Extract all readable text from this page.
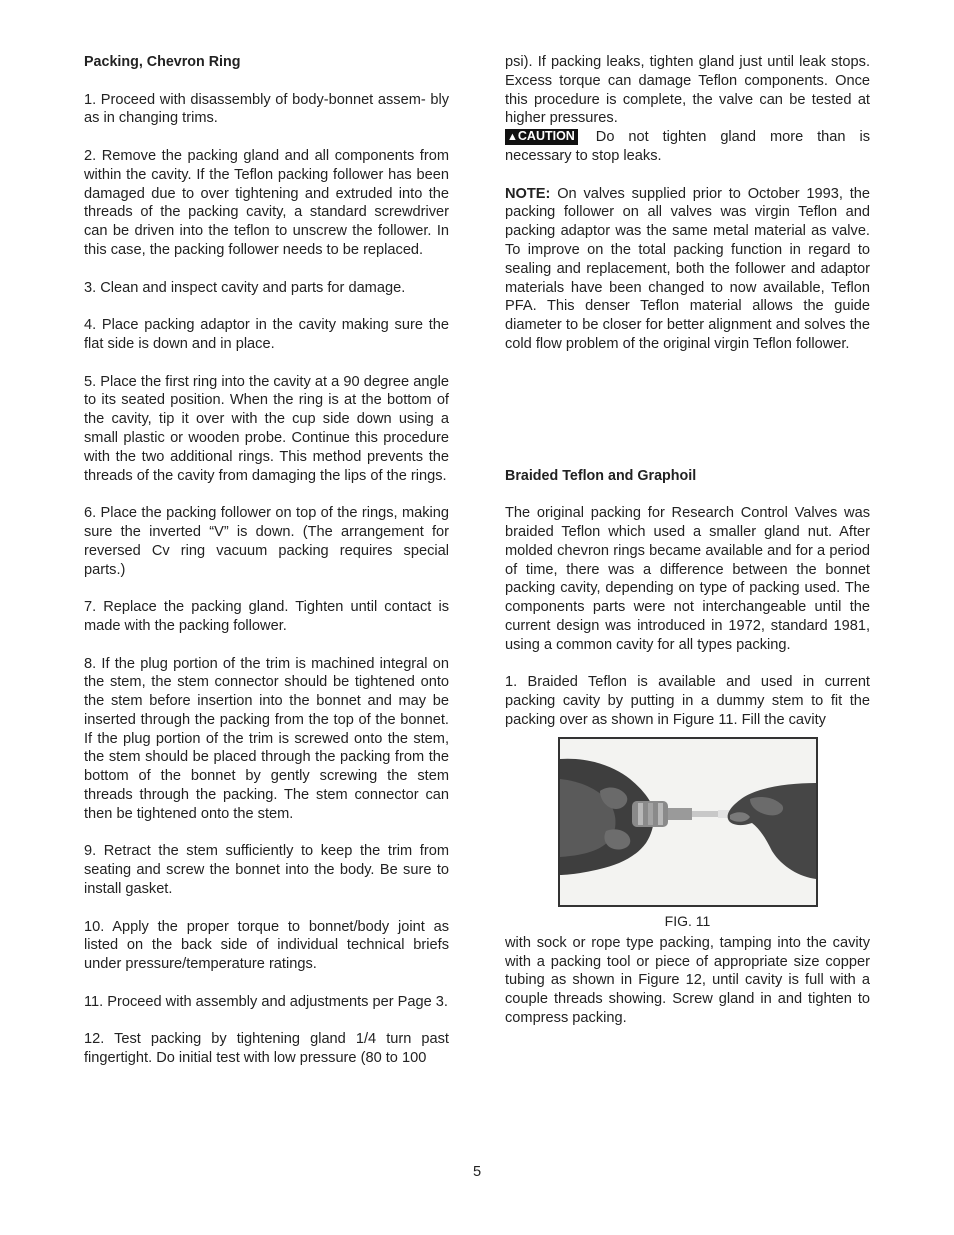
Packing, Chevron Ring

1. Proceed with disassembly of body-bonnet assem- bly as in changing trims.

2. Remove the packing gland and all components from within the cavity. If the Teflon packing follower has been damaged due to over tightening and extruded into the threads of the packing cavity, a standard screwdriver can be driven into the teflon to unscrew the follower. In this case, the packing follower needs to be replaced.

3. Clean and inspect cavity and parts for damage.

4. Place packing adaptor in the cavity making sure the flat side is down and in place.

5. Place the first ring into the cavity at a 90 degree angle to its seated position. When the ring is at the bottom of the cavity, tip it over with the cup side down using a small plastic or wooden probe. Continue this procedure with the two additional rings. This method prevents the threads of the cavity from damaging the lips of the rings.

6. Place the packing follower on top of the rings, making sure the inverted “V” is down. (The arrangement for reversed Cv ring vacuum packing requires special parts.)

7. Replace the packing gland. Tighten until contact is made with the packing follower.

8. If the plug portion of the trim is machined integral on the stem, the stem connector should be tightened onto the stem before insertion into the bonnet and may be inserted through the packing from the top of the bonnet. If the plug portion of the trim is screwed onto the stem, the stem should be placed through the packing from the bottom of the bonnet by gently screwing the stem threads through the packing. The stem connector can then be tightened onto the stem.

9. Retract the stem sufficiently to keep the trim from seating and screw the bonnet into the body. Be sure to install gasket.

10. Apply the proper torque to bonnet/body joint as listed on the back side of individual technical briefs under pressure/temperature ratings.

11. Proceed with assembly and adjustments per Page 3.

12. Test packing by tightening gland 1/4 turn past fingertight. Do initial test with low pressure (80 to 100

psi). If packing leaks, tighten gland just until leak stops. Excess torque can damage Teflon components. Once this procedure is complete, the valve can be tested at higher pressures.

▲CAUTION Do not tighten gland more than is necessary to stop leaks.

NOTE: On valves supplied prior to October 1993, the packing follower on all valves was virgin Teflon and packing adaptor was the same metal material as valve. To improve on the total packing function in regard to sealing and replacement, both the follower and adaptor materials have been changed to now available, Teflon PFA. This denser Teflon material allows the guide diameter to be closer for better alignment and solves the cold flow problem of the original virgin Teflon follower.

Braided Teflon and Graphoil

The original packing for Research Control Valves was braided Teflon which used a smaller gland nut. After molded chevron rings became available and for a period of time, there was a difference between the bonnet packing cavity, depending on type of packing used. The components parts were not interchangeable until the current design was introduced in 1972, standard 1981, using a common cavity for all types packing.

1. Braided Teflon is available and used in current packing cavity by putting in a dummy stem to fit the packing over as shown in Figure 11. Fill the cavity

FIG. 11

with sock or rope type packing, tamping into the cavity with a packing tool or piece of appropriate size copper tubing as shown in Figure 12, until cavity is full with a couple threads showing. Screw gland in and tighten to compress packing.

5
